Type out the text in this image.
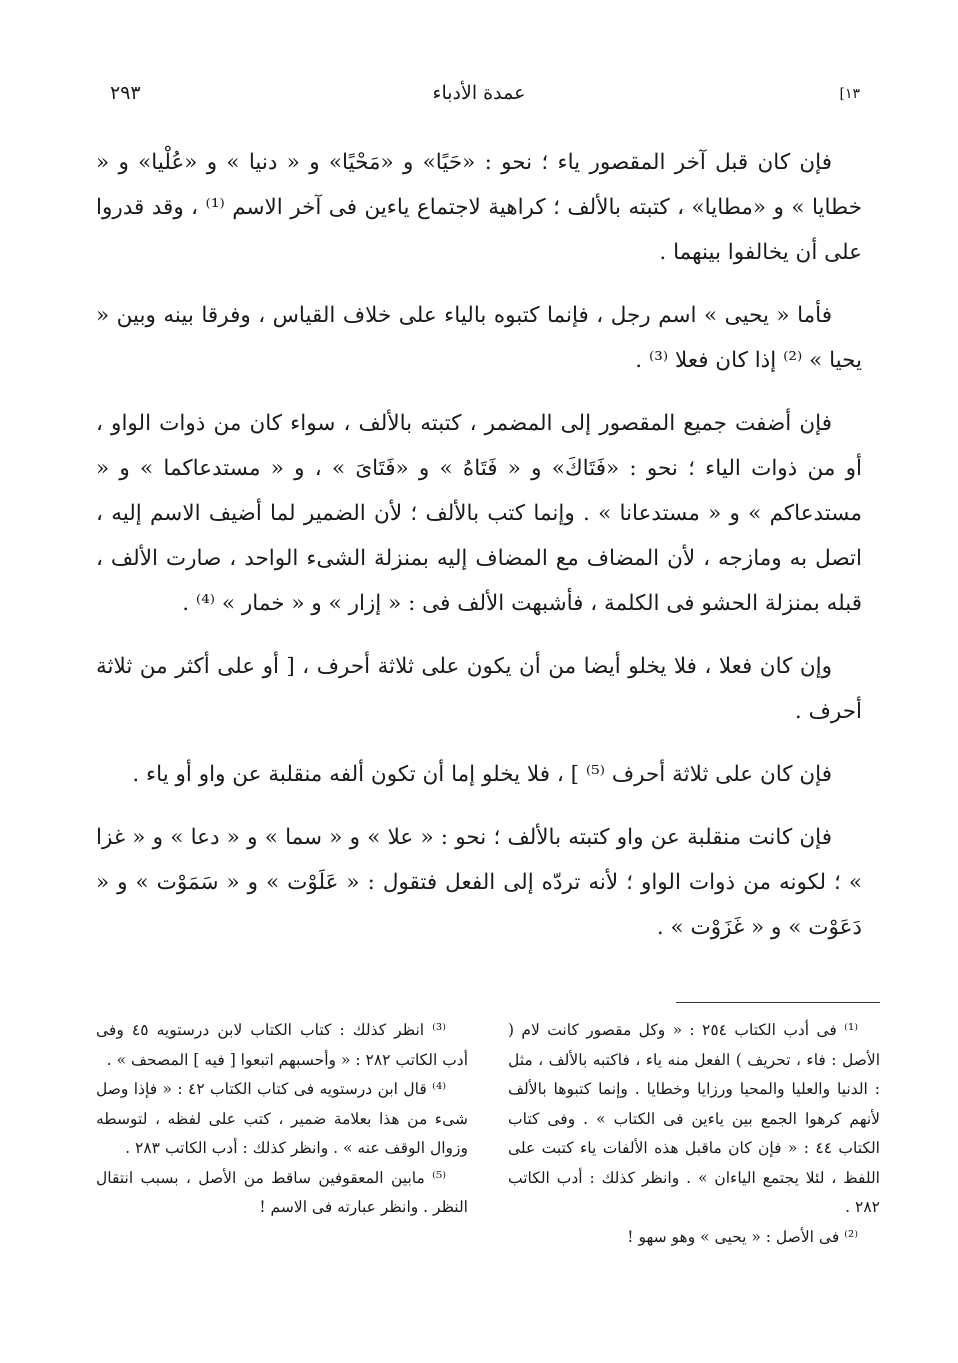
٢٩٣	عمدة الأدباء	[١٣

فإن كان قبل آخر المقصور ياء ؛ نحو : «حَيًا» و «مَحْيًا» و « دنيا » و «عُلْيا» و « خطايا » و «مطايا» ، كتبته بالألف ؛ كراهية لاجتماع ياءين فى آخر الاسم ⁽¹⁾ ، وقد قدروا على أن يخالفوا بينهما .

فأما « يحيى » اسم رجل ، فإنما كتبوه بالياء على خلاف القياس ، وفرقا بينه وبين « يحيا » ⁽²⁾ إذا كان فعلا ⁽³⁾ .

فإن أضفت جميع المقصور إلى المضمر ، كتبته بالألف ، سواء كان من ذوات الواو ، أو من ذوات الياء ؛ نحو : «فَتَاكَ» و « فَتَاهُ » و «فَتَاىَ » ، و « مستدعاكما » و « مستدعاكم » و « مستدعانا » . وإنما كتب بالألف ؛ لأن الضمير لما أضيف الاسم إليه ، اتصل به ومازجه ، لأن المضاف مع المضاف إليه بمنزلة الشىء الواحد ، صارت الألف ، قبله بمنزلة الحشو فى الكلمة ، فأشبهت الألف فى : « إزار » و « خمار » ⁽⁴⁾ .

وإن كان فعلا ، فلا يخلو أيضا من أن يكون على ثلاثة أحرف ، [ أو على أكثر من ثلاثة أحرف .

فإن كان على ثلاثة أحرف ⁽⁵⁾ ] ، فلا يخلو إما أن تكون ألفه منقلبة عن واو أو ياء .

فإن كانت منقلبة عن واو كتبته بالألف ؛ نحو : « علا » و « سما » و « دعا » و « غزا » ؛ لكونه من ذوات الواو ؛ لأنه تردّه إلى الفعل فتقول : « عَلَوْت » و « سَمَوْت » و « دَعَوْت » و « غَزَوْت » .

⁽¹⁾ فى أدب الكتاب ٢٥٤ : « وكل مقصور كانت لام ( الأصل : فاء ، تحريف ) الفعل منه ياء ، فاكتبه بالألف ، مثل : الدنيا والعليا والمحيا ورزايا وخطايا . وإنما كتبوها بالألف لأنهم كرهوا الجمع بين ياءين فى الكتاب » . وفى كتاب الكتاب ٤٤ : « فإن كان ماقبل هذه الألفات ياء كتبت على اللفظ ، لئلا يجتمع الياءان » . وانظر كذلك : أدب الكاتب ٢٨٢ .

⁽²⁾ فى الأصل : « يحيى » وهو سهو !

⁽³⁾ انظر كذلك : كتاب الكتاب لابن درستويه ٤٥ وفى أدب الكاتب ٢٨٢ : « وأحسبهم اتبعوا [ فيه ] المصحف » .

⁽⁴⁾ قال ابن درستويه فى كتاب الكتاب ٤٢ : « فإذا وصل شىء من هذا بعلامة ضمير ، كتب على لفظه ، لتوسطه وزوال الوقف عنه » . وانظر كذلك : أدب الكاتب ٢٨٣ .

⁽⁵⁾ مابين المعقوفين ساقط من الأصل ، بسبب انتقال النظر . وانظر عبارته فى الاسم !
